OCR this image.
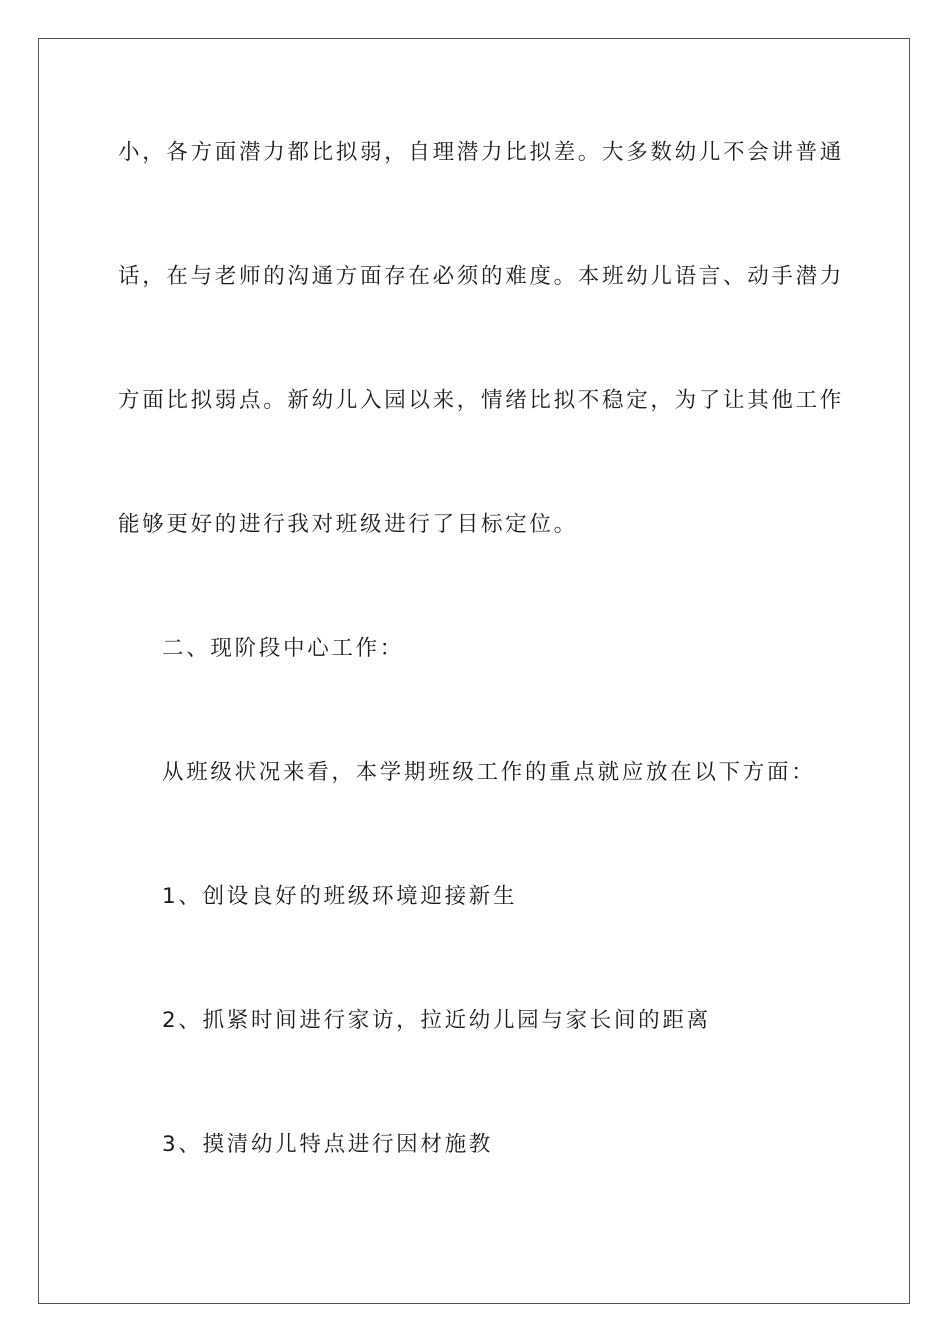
小，各方面潜力都比拟弱，自理潜力比拟差。大多数幼儿不会讲普通
话，在与老师的沟通方面存在必须的难度。本班幼儿语言、动手潜力
方面比拟弱点。新幼儿入园以来，情绪比拟不稳定，为了让其他工作
能够更好的进行我对班级进行了目标定位。
二、现阶段中心工作：
从班级状况来看，本学期班级工作的重点就应放在以下方面：
1、创设良好的班级环境迎接新生
2、抓紧时间进行家访，拉近幼儿园与家长间的距离
3、摸清幼儿特点进行因材施教
